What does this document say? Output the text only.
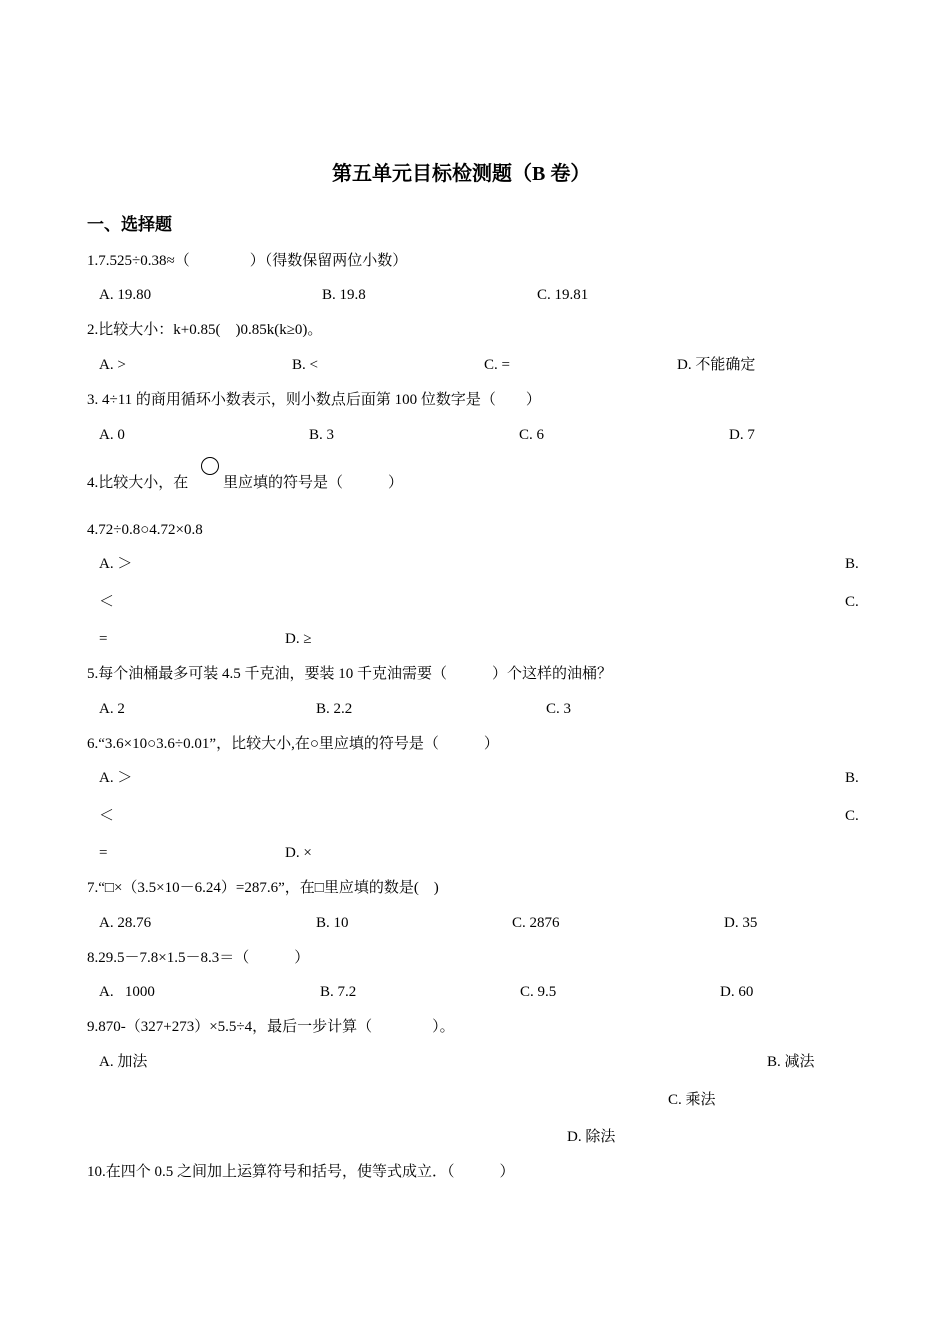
第五单元目标检测题（B 卷）
一、选择题
1.7.525÷0.38≈（　　　　）（得数保留两位小数）
A. 19.80	B. 19.8	C. 19.81
2.比较大小：k+0.85(　)0.85k(k≥0)。
A. >	B. <	C. =	D. 不能确定
3. 4÷11 的商用循环小数表示，则小数点后面第 100 位数字是（　　）
A. 0	B. 3	C. 6	D. 7
4.比较大小，在 里应填的符号是（　　　）
4.72÷0.8○4.72×0.8
A. ＞	B.
＜	C.
=	D. ≥
5.每个油桶最多可装 4.5 千克油，要装 10 千克油需要（　　　）个这样的油桶？
A. 2	B. 2.2	C. 3
6.“3.6×10○3.6÷0.01”，比较大小,在○里应填的符号是（　　　）
A. ＞	B.
＜	C.
=	D. ×
7.“□×（3.5×10－6.24）=287.6”，在□里应填的数是(　)
A. 28.76	B. 10	C. 2876	D. 35
8.29.5－7.8×1.5－8.3＝（　　　）
A.   1000	B. 7.2	C. 9.5	D. 60
9.870-（327+273）×5.5÷4，最后一步计算（　　　　）。
A. 加法	B. 减法
C. 乘法
D. 除法
10.在四个 0.5 之间加上运算符号和括号，使等式成立．（　　　）
